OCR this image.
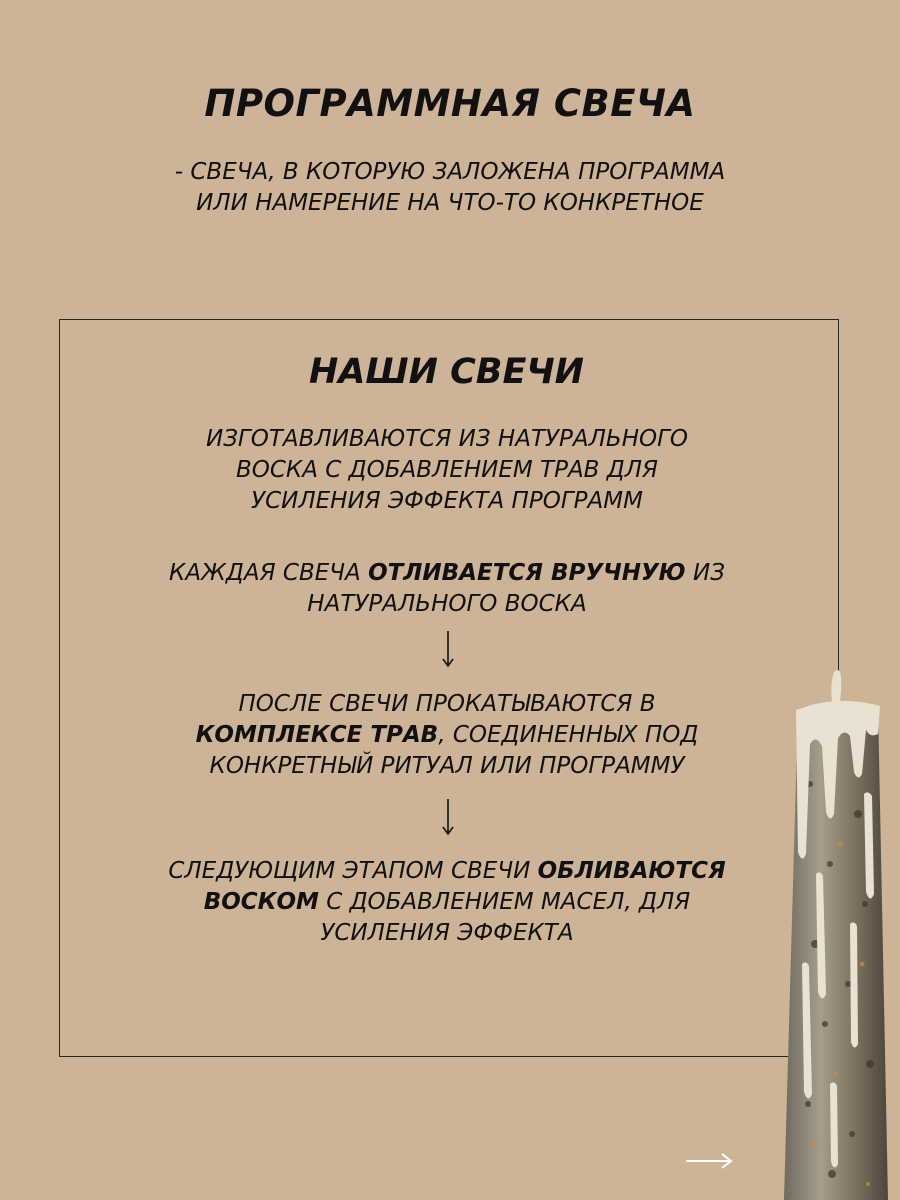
ПРОГРАММНАЯ СВЕЧА
- СВЕЧА, В КОТОРУЮ ЗАЛОЖЕНА ПРОГРАММА
ИЛИ НАМЕРЕНИЕ НА ЧТО-ТО КОНКРЕТНОЕ
НАШИ СВЕЧИ
ИЗГОТАВЛИВАЮТСЯ ИЗ НАТУРАЛЬНОГО
ВОСКА С ДОБАВЛЕНИЕМ ТРАВ ДЛЯ
УСИЛЕНИЯ ЭФФЕКТА ПРОГРАММ
КАЖДАЯ СВЕЧА ОТЛИВАЕТСЯ ВРУЧНУЮ ИЗ
НАТУРАЛЬНОГО ВОСКА
ПОСЛЕ СВЕЧИ ПРОКАТЫВАЮТСЯ В
КОМПЛЕКСЕ ТРАВ, СОЕДИНЕННЫХ ПОД
КОНКРЕТНЫЙ РИТУАЛ ИЛИ ПРОГРАММУ
СЛЕДУЮЩИМ ЭТАПОМ СВЕЧИ ОБЛИВАЮТСЯ
ВОСКОМ С ДОБАВЛЕНИЕМ МАСЕЛ, ДЛЯ
УСИЛЕНИЯ ЭФФЕКТА
